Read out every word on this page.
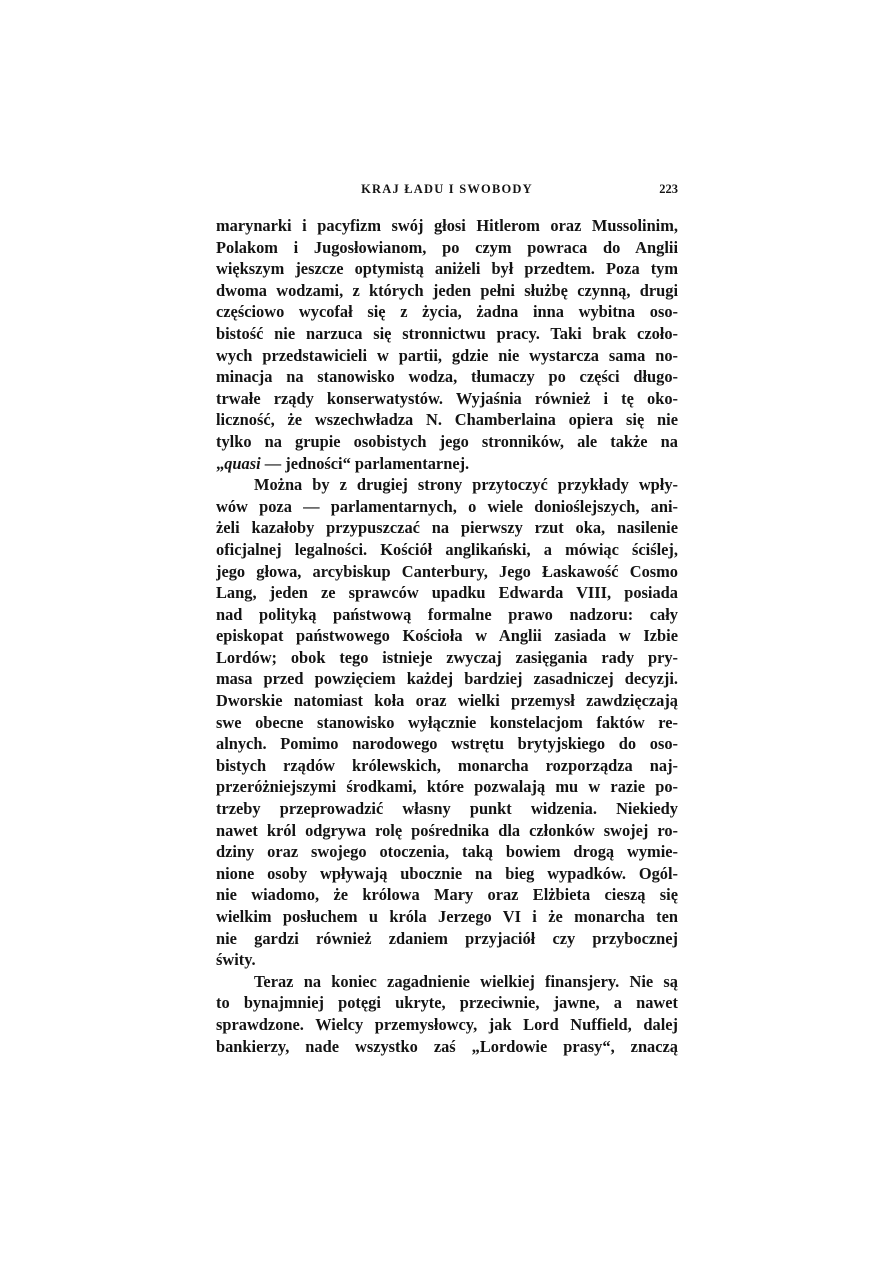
KRAJ ŁADU I SWOBODY	223
marynarki i pacyfizm swój głosi Hitlerom oraz Mussolinim,
Polakom i Jugosłowianom, po czym powraca do Anglii
większym jeszcze optymistą aniżeli był przedtem. Poza tym
dwoma wodzami, z których jeden pełni służbę czynną, drugi
częściowo wycofał się z życia, żadna inna wybitna oso-
bistość nie narzuca się stronnictwu pracy. Taki brak czoło-
wych przedstawicieli w partii, gdzie nie wystarcza sama no-
minacja na stanowisko wodza, tłumaczy po części długo-
trwałe rządy konserwatystów. Wyjaśnia również i tę oko-
liczność, że wszechwładza N. Chamberlaina opiera się nie
tylko na grupie osobistych jego stronników, ale także na
„quasi — jedności“ parlamentarnej.
Można by z drugiej strony przytoczyć przykłady wpły-
wów poza — parlamentarnych, o wiele donioślejszych, ani-
żeli kazałoby przypuszczać na pierwszy rzut oka, nasilenie
oficjalnej legalności. Kościół anglikański, a mówiąc ściślej,
jego głowa, arcybiskup Canterbury, Jego Łaskawość Cosmo
Lang, jeden ze sprawców upadku Edwarda VIII, posiada
nad polityką państwową formalne prawo nadzoru: cały
episkopat państwowego Kościoła w Anglii zasiada w Izbie
Lordów; obok tego istnieje zwyczaj zasięgania rady pry-
masa przed powzięciem każdej bardziej zasadniczej decyzji.
Dworskie natomiast koła oraz wielki przemysł zawdzięczają
swe obecne stanowisko wyłącznie konstelacjom faktów re-
alnych. Pomimo narodowego wstrętu brytyjskiego do oso-
bistych rządów królewskich, monarcha rozporządza naj-
przeróżniejszymi środkami, które pozwalają mu w razie po-
trzeby przeprowadzić własny punkt widzenia. Niekiedy
nawet król odgrywa rolę pośrednika dla członków swojej ro-
dziny oraz swojego otoczenia, taką bowiem drogą wymie-
nione osoby wpływają ubocznie na bieg wypadków. Ogól-
nie wiadomo, że królowa Mary oraz Elżbieta cieszą się
wielkim posłuchem u króla Jerzego VI i że monarcha ten
nie gardzi również zdaniem przyjaciół czy przybocznej
świty.
Teraz na koniec zagadnienie wielkiej finansjery. Nie są
to bynajmniej potęgi ukryte, przeciwnie, jawne, a nawet
sprawdzone. Wielcy przemysłowcy, jak Lord Nuffield, dalej
bankierzy, nade wszystko zaś „Lordowie prasy“, znaczą
